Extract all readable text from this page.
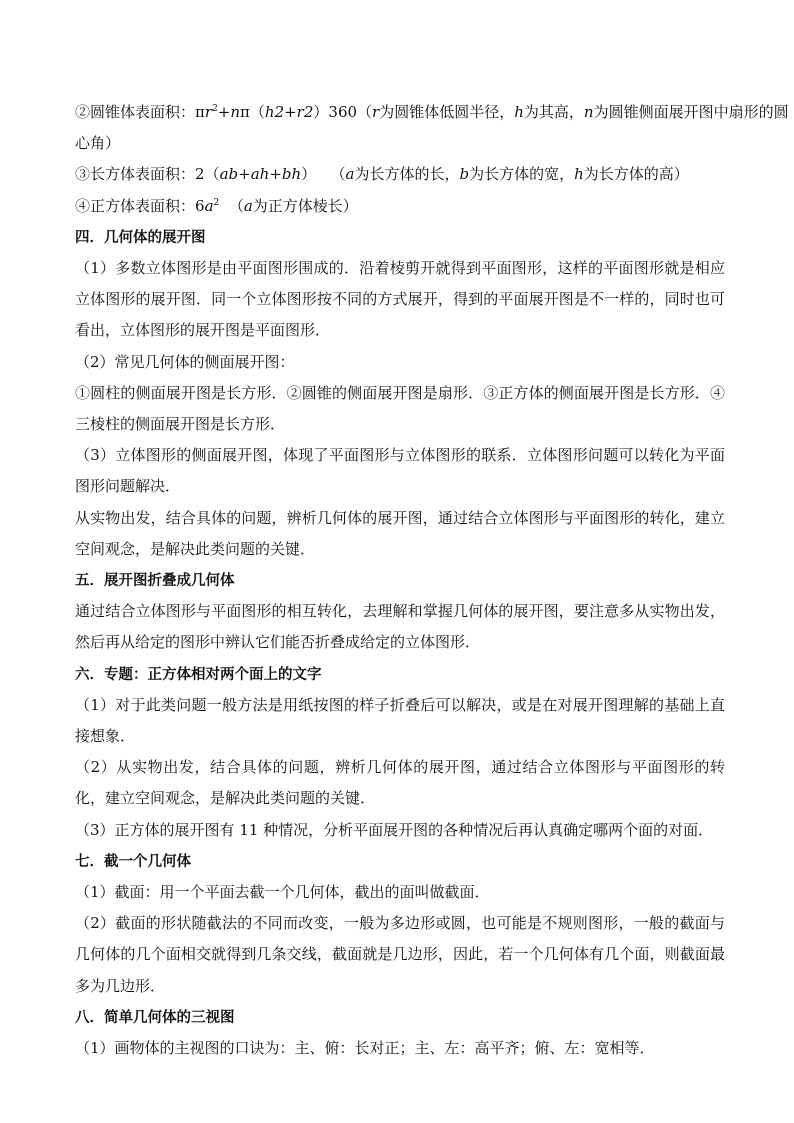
②圆锥体表面积：$\pi r^2+n\pi(h2+r2)360(r$为圆锥体低圆半径，h为其高，n为圆锥侧面展开图中扇形的圆

心角）

③长方体表面积：2（ab+ah+bh） （a为长方体的长，b为长方体的宽，h为长方体的高）

④正方体表面积：$6a^2$ （a为正方体棱长）

四．几何体的展开图

（1）多数立体图形是由平面图形围成的．沿着棱剪开就得到平面图形，这样的平面图形就是相应立体图形的展开图．同一个立体图形按不同的方式展开，得到的平面展开图是不一样的，同时也可看出，立体图形的展开图是平面图形．

（2）常见几何体的侧面展开图：

①圆柱的侧面展开图是长方形．②圆锥的侧面展开图是扇形．③正方体的侧面展开图是长方形．④三棱柱的侧面展开图是长方形．

（3）立体图形的侧面展开图，体现了平面图形与立体图形的联系．立体图形问题可以转化为平面图形问题解决．

从实物出发，结合具体的问题，辨析几何体的展开图，通过结合立体图形与平面图形的转化，建立空间观念，是解决此类问题的关键．

五．展开图折叠成几何体

通过结合立体图形与平面图形的相互转化，去理解和掌握几何体的展开图，要注意多从实物出发，然后再从给定的图形中辨认它们能否折叠成给定的立体图形．

六．专题：正方体相对两个面上的文字

（1）对于此类问题一般方法是用纸按图的样子折叠后可以解决，或是在对展开图理解的基础上直接想象．

（2）从实物出发，结合具体的问题，辨析几何体的展开图，通过结合立体图形与平面图形的转化，建立空间观念，是解决此类问题的关键．

（3）正方体的展开图有 11 种情况，分析平面展开图的各种情况后再认真确定哪两个面的对面．

七．截一个几何体

（1）截面：用一个平面去截一个几何体，截出的面叫做截面．

（2）截面的形状随截法的不同而改变，一般为多边形或圆，也可能是不规则图形，一般的截面与几何体的几个面相交就得到几条交线，截面就是几边形，因此，若一个几何体有几个面，则截面最多为几边形．

八．简单几何体的三视图

（1）画物体的主视图的口诀为：主、俯：长对正；主、左：高平齐；俯、左：宽相等．
